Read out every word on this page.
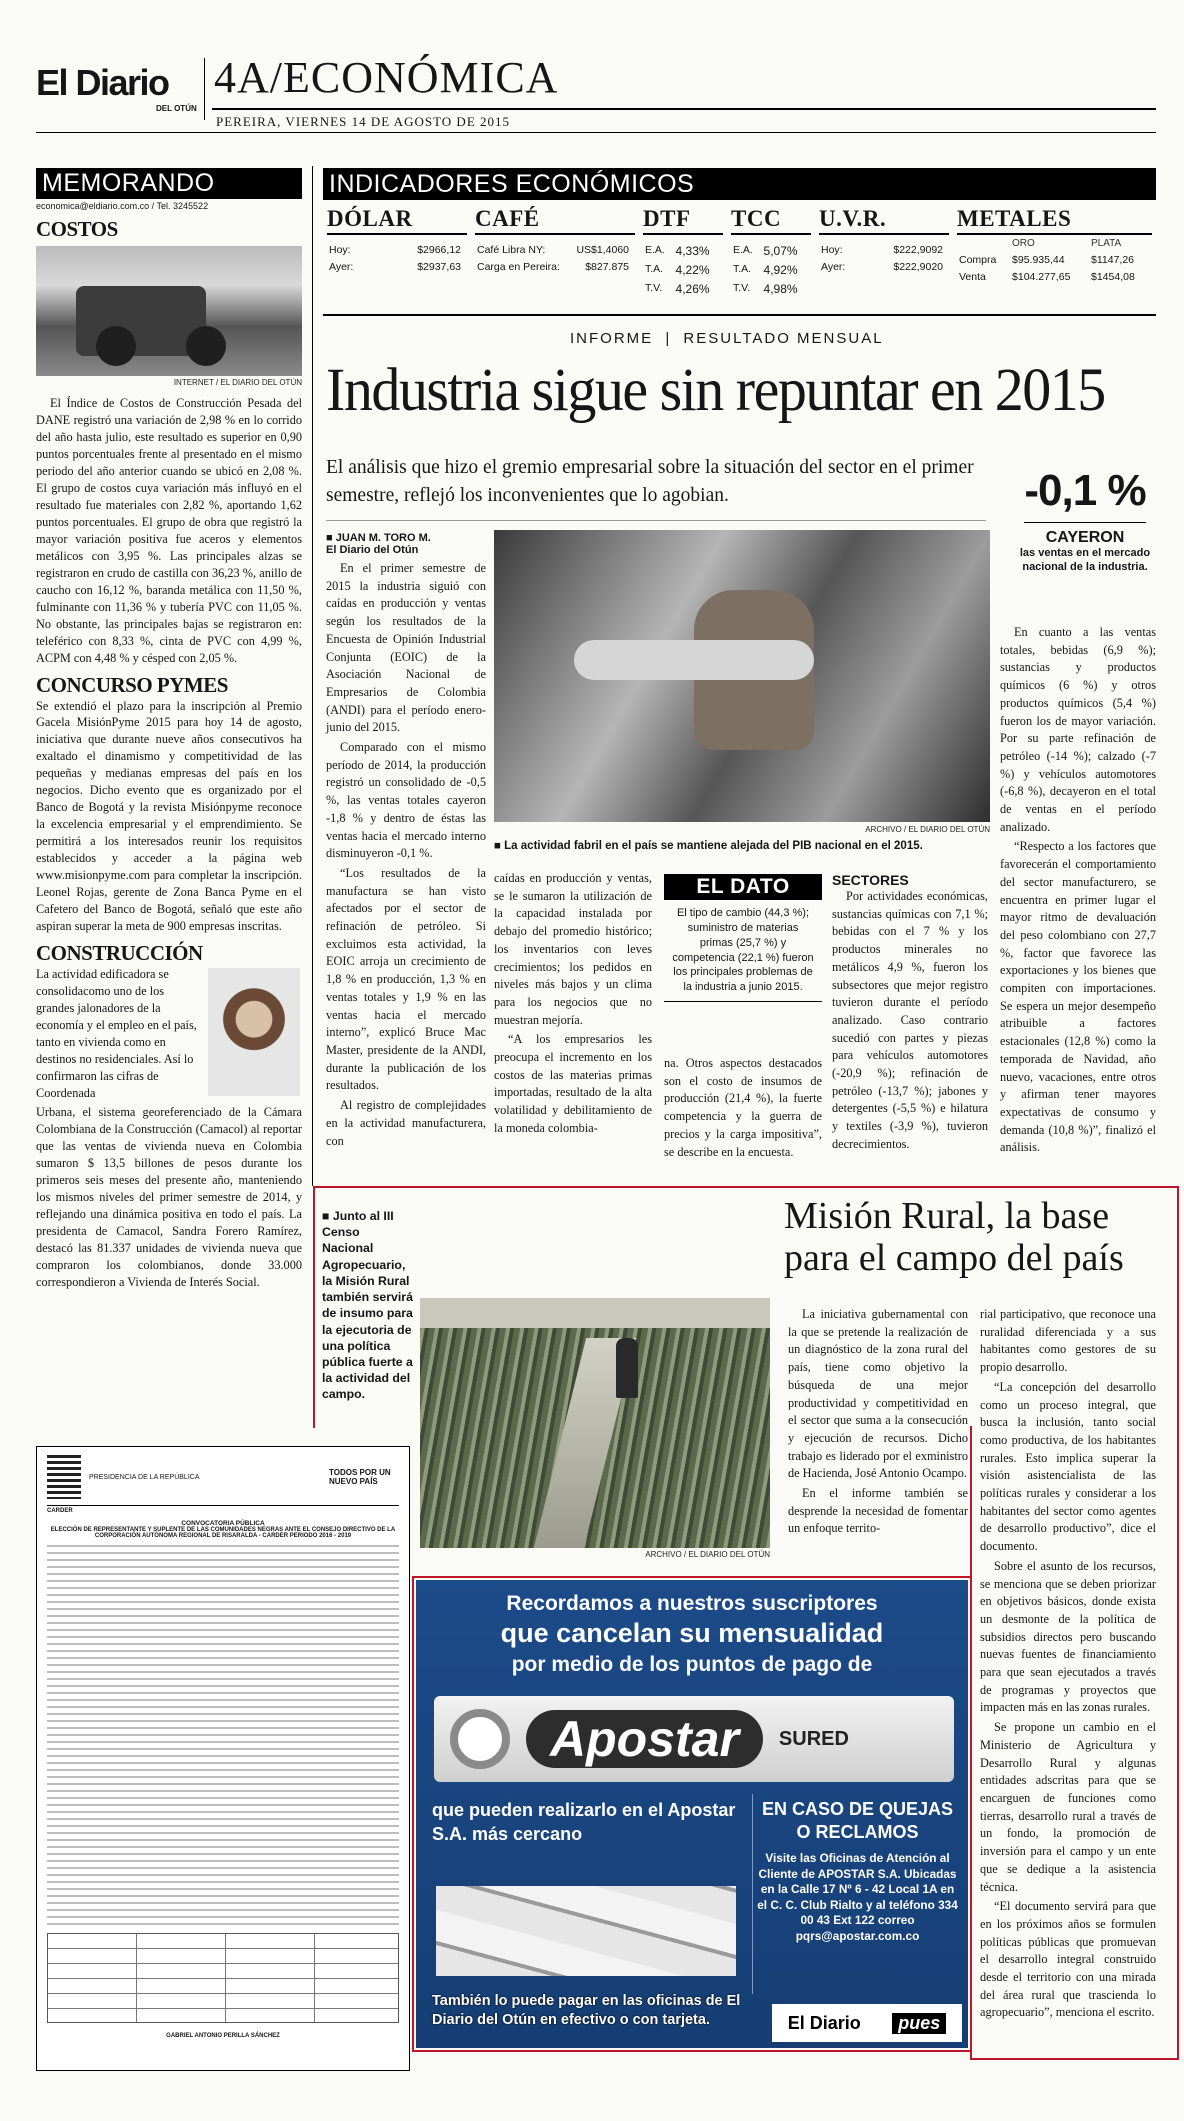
El Diario
DEL OTÚN
4A/ECONÓMICA
PEREIRA, VIERNES 14 DE AGOSTO DE 2015
MEMORANDO
economica@eldiario.com.co / Tel. 3245522
COSTOS
INTERNET / EL DIARIO DEL OTÚN

El Índice de Costos de Construcción Pesada del DANE registró una variación de 2,98 % en lo corrido del año hasta julio, este resultado es superior en 0,90 puntos porcentuales frente al presentado en el mismo periodo del año anterior cuando se ubicó en 2,08 %. El grupo de costos cuya variación más influyó en el resultado fue materiales con 2,82 %, aportando 1,62 puntos porcentuales. El grupo de obra que registró la mayor variación positiva fue aceros y elementos metálicos con 3,95 %. Las principales alzas se registraron en crudo de castilla con 36,23 %, anillo de caucho con 16,12 %, baranda metálica con 11,50 %, fulminante con 11,36 % y tubería PVC con 11,05 %. No obstante, las principales bajas se registraron en: teleférico con 8,33 %, cinta de PVC con 4,99 %, ACPM con 4,48 % y césped con 2,05 %.

CONCURSO PYMES

Se extendió el plazo para la inscripción al Premio Gacela MisiónPyme 2015 para hoy 14 de agosto, iniciativa que durante nueve años consecutivos ha exaltado el dinamismo y competitividad de las pequeñas y medianas empresas del país en los negocios. Dicho evento que es organizado por el Banco de Bogotá y la revista Misiónpyme reconoce la excelencia empresarial y el emprendimiento. Se permitirá a los interesados reunir los requisitos establecidos y acceder a la página web www.misionpyme.com para completar la inscripción. Leonel Rojas, gerente de Zona Banca Pyme en el Cafetero del Banco de Bogotá, señaló que este año aspiran superar la meta de 900 empresas inscritas.

CONSTRUCCIÓN

La actividad edificadora se consolidacomo uno de los grandes jalonadores de la economía y el empleo en el país, tanto en vivienda como en destinos no residenciales. Así lo confirmaron las cifras de Coordenada

Urbana, el sistema georeferenciado de la Cámara Colombiana de la Construcción (Camacol) al reportar que las ventas de vivienda nueva en Colombia sumaron $ 13,5 billones de pesos durante los primeros seis meses del presente año, manteniendo los mismos niveles del primer semestre de 2014, y reflejando una dinámica positiva en todo el país. La presidenta de Camacol, Sandra Forero Ramírez, destacó las 81.337 unidades de vivienda nueva que compraron los colombianos, donde 33.000 correspondieron a Vivienda de Interés Social.

INDICADORES ECONÓMICOS
DÓLAR
Hoy:	$2966,12
Ayer:	$2937,63
CAFÉ
Café Libra NY:	US$1,4060
Carga en Pereira:	$827.875
DTF
E.A.	4,33%
T.A.	4,22%
T.V.	4,26%
TCC
E.A.	5,07%
T.A.	4,92%
T.V.	4,98%
U.V.R.
Hoy:	$222,9092
Ayer:	$222,9020
METALES
	ORO	PLATA
Compra	$95.935,44	$1147,26
Venta	$104.277,65	$1454,08
INFORME | RESULTADO MENSUAL
Industria sigue sin repuntar en 2015
El análisis que hizo el gremio empresarial sobre la situación del sector en el primer semestre, reflejó los inconvenientes que lo agobian.	-0,1 %
CAYERON
las ventas en el mercado nacional de la industria.
■ JUAN M. TORO M.
El Diario del Otún

En el primer semestre de 2015 la industria siguió con caídas en producción y ventas según los resultados de la Encuesta de Opinión Industrial Conjunta (EOIC) de la Asociación Nacional de Empresarios de Colombia (ANDI) para el período enero-junio del 2015.

Comparado con el mismo período de 2014, la producción registró un consolidado de -0,5 %, las ventas totales cayeron -1,8 % y dentro de éstas las ventas hacia el mercado interno disminuyeron -0,1 %.

“Los resultados de la manufactura se han visto afectados por el sector de refinación de petróleo. Si excluimos esta actividad, la EOIC arroja un crecimiento de 1,8 % en producción, 1,3 % en ventas totales y 1,9 % en las ventas hacia el mercado interno”, explicó Bruce Mac Master, presidente de la ANDI, durante la publicación de los resultados.

Al registro de complejidades en la actividad manufacturera, con

ARCHIVO / EL DIARIO DEL OTÚN
■ La actividad fabril en el país se mantiene alejada del PIB nacional en el 2015.

caídas en producción y ventas, se le sumaron la utilización de la capacidad instalada por debajo del promedio histórico; los inventarios con leves crecimientos; los pedidos en niveles más bajos y un clima para los negocios que no muestran mejoría.

“A los empresarios les preocupa el incremento en los costos de las materias primas importadas, resultado de la alta volatilidad y debilitamiento de la moneda colombia-

EL DATO
El tipo de cambio (44,3 %); suministro de materias primas (25,7 %) y competencia (22,1 %) fueron los principales problemas de la industria a junio 2015.

na. Otros aspectos destacados son el costo de insumos de producción (21,4 %), la fuerte competencia y la guerra de precios y la carga impositiva”, se describe en la encuesta.

SECTORES

Por actividades económicas, sustancias químicas con 7,1 %; bebidas con el 7 % y los productos minerales no metálicos 4,9 %, fueron los subsectores que mejor registro tuvieron durante el período analizado. Caso contrario sucedió con partes y piezas para vehículos automotores (-20,9 %); refinación de petróleo (-13,7 %); jabones y detergentes (-5,5 %) e hilatura y textiles (-3,9 %), tuvieron decrecimientos.

En cuanto a las ventas totales, bebidas (6,9 %); sustancias y productos químicos (6 %) y otros productos químicos (5,4 %) fueron los de mayor variación. Por su parte refinación de petróleo (-14 %); calzado (-7 %) y vehículos automotores (-6,8 %), decayeron en el total de ventas en el período analizado.

“Respecto a los factores que favorecerán el comportamiento del sector manufacturero, se encuentra en primer lugar el mayor ritmo de devaluación del peso colombiano con 27,7 %, factor que favorece las exportaciones y los bienes que compiten con importaciones. Se espera un mejor desempeño atribuible a factores estacionales (12,8 %) como la temporada de Navidad, año nuevo, vacaciones, entre otros y afirman tener mayores expectativas de consumo y demanda (10,8 %)”, finalizó el análisis.

■ Junto al III Censo Nacional Agropecuario, la Misión Rural también servirá de insumo para la ejecutoria de una política pública fuerte a la actividad del campo.
Misión Rural, la base para el campo del país
ARCHIVO / EL DIARIO DEL OTÚN

La iniciativa gubernamental con la que se pretende la realización de un diagnóstico de la zona rural del país, tiene como objetivo la búsqueda de una mejor productividad y competitividad en el sector que suma a la consecución y ejecución de recursos. Dicho trabajo es liderado por el exministro de Hacienda, José Antonio Ocampo.

En el informe también se desprende la necesidad de fomentar un enfoque territo-

rial participativo, que reconoce una ruralidad diferenciada y a sus habitantes como gestores de su propio desarrollo.

“La concepción del desarrollo como un proceso integral, que busca la inclusión, tanto social como productiva, de los habitantes rurales. Esto implica superar la visión asistencialista de las políticas rurales y considerar a los habitantes del sector como agentes de desarrollo productivo”, dice el documento.

Sobre el asunto de los recursos, se menciona que se deben priorizar en objetivos básicos, donde exista un desmonte de la política de subsidios directos pero buscando nuevas fuentes de financiamiento para que sean ejecutados a través de programas y proyectos que impacten más en las zonas rurales.

Se propone un cambio en el Ministerio de Agricultura y Desarrollo Rural y algunas entidades adscritas para que se encarguen de funciones como tierras, desarrollo rural a través de un fondo, la promoción de inversión para el campo y un ente que se dedique a la asistencia técnica.

“El documento servirá para que en los próximos años se formulen políticas públicas que promuevan el desarrollo integral construido desde el territorio con una mirada del área rural que trascienda lo agropecuario”, menciona el escrito.

PRESIDENCIA DE LA REPÚBLICA	TODOS POR UN NUEVO PAÍS
CARDER
CONVOCATORIA PÚBLICA
ELECCIÓN DE REPRESENTANTE Y SUPLENTE DE LAS COMUNIDADES NEGRAS ANTE EL CONSEJO DIRECTIVO DE LA CORPORACIÓN AUTÓNOMA REGIONAL DE RISARALDA - CARDER PERIODO 2016 - 2019
GABRIEL ANTONIO PERILLA SÁNCHEZ
Recordamos a nuestros suscriptores
que cancelan su mensualidad
por medio de los puntos de pago de
Apostar	SURED
que pueden realizarlo en el Apostar S.A. más cercano
EN CASO DE QUEJAS O RECLAMOS
Visite las Oficinas de Atención al Cliente de APOSTAR S.A. Ubicadas en la Calle 17 Nº 6 - 42 Local 1A en el C. C. Club Rialto y al teléfono 334 00 43 Ext 122 correo pqrs@apostar.com.co
También lo puede pagar en las oficinas de El Diario del Otún en efectivo o con tarjeta.	El Diario	pues
